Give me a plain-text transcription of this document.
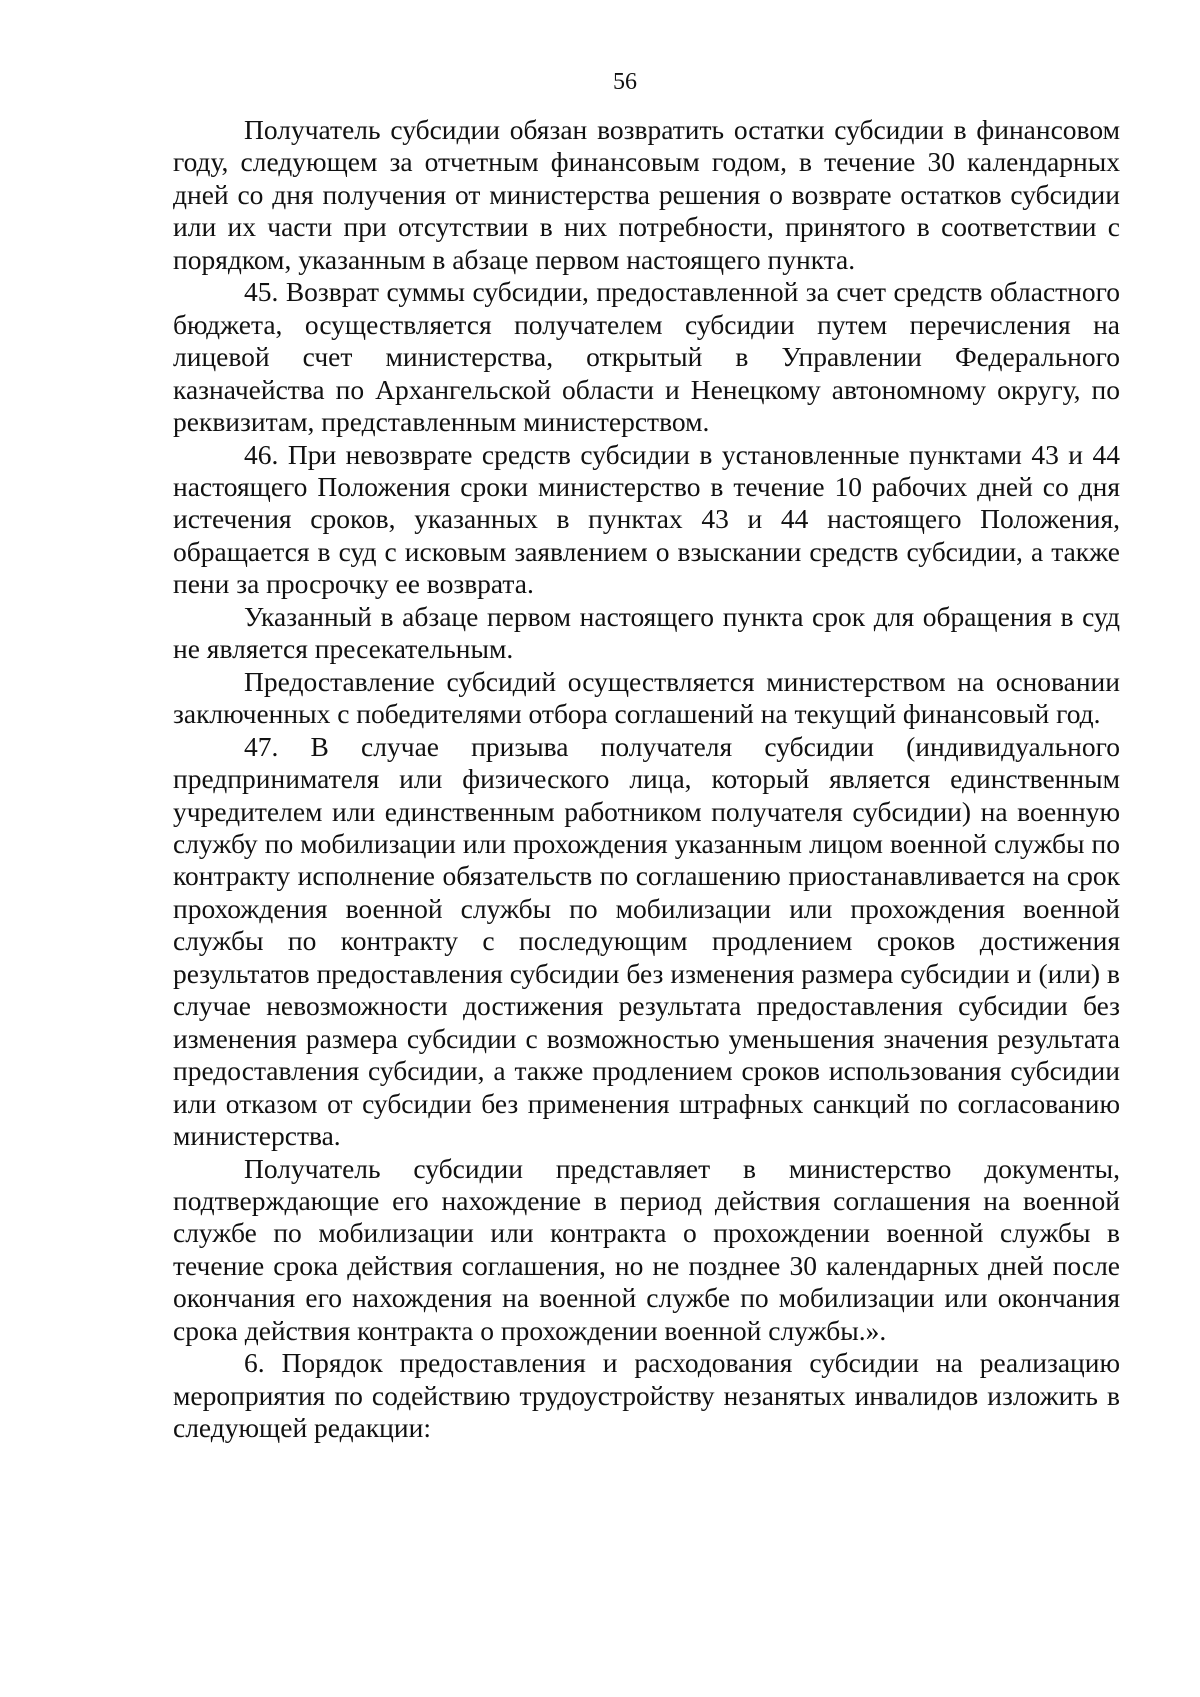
56

Получатель субсидии обязан возвратить остатки субсидии в финансовом году, следующем за отчетным финансовым годом, в течение 30 календарных дней со дня получения от министерства решения о возврате остатков субсидии или их части при отсутствии в них потребности, принятого в соответствии с порядком, указанным в абзаце первом настоящего пункта.

45. Возврат суммы субсидии, предоставленной за счет средств областного бюджета, осуществляется получателем субсидии путем перечисления на лицевой счет министерства, открытый в Управлении Федерального казначейства по Архангельской области и Ненецкому автономному округу, по реквизитам, представленным министерством.

46. При невозврате средств субсидии в установленные пунктами 43 и 44 настоящего Положения сроки министерство в течение 10 рабочих дней со дня истечения сроков, указанных в пунктах 43 и 44 настоящего Положения, обращается в суд с исковым заявлением о взыскании средств субсидии, а также пени за просрочку ее возврата.

Указанный в абзаце первом настоящего пункта срок для обращения в суд не является пресекательным.

Предоставление субсидий осуществляется министерством на основании заключенных с победителями отбора соглашений на текущий финансовый год.

47. В случае призыва получателя субсидии (индивидуального предпринимателя или физического лица, который является единственным учредителем или единственным работником получателя субсидии) на военную службу по мобилизации или прохождения указанным лицом военной службы по контракту исполнение обязательств по соглашению приостанавливается на срок прохождения военной службы по мобилизации или прохождения военной службы по контракту с последующим продлением сроков достижения результатов предоставления субсидии без изменения размера субсидии и (или) в случае невозможности достижения результата предоставления субсидии без изменения размера субсидии с возможностью уменьшения значения результата предоставления субсидии, а также продлением сроков использования субсидии или отказом от субсидии без применения штрафных санкций по согласованию министерства.

Получатель субсидии представляет в министерство документы, подтверждающие его нахождение в период действия соглашения на военной службе по мобилизации или контракта о прохождении военной службы в течение срока действия соглашения, но не позднее 30 календарных дней после окончания его нахождения на военной службе по мобилизации или окончания срока действия контракта о прохождении военной службы.».

6. Порядок предоставления и расходования субсидии на реализацию мероприятия по содействию трудоустройству незанятых инвалидов изложить в следующей редакции:
